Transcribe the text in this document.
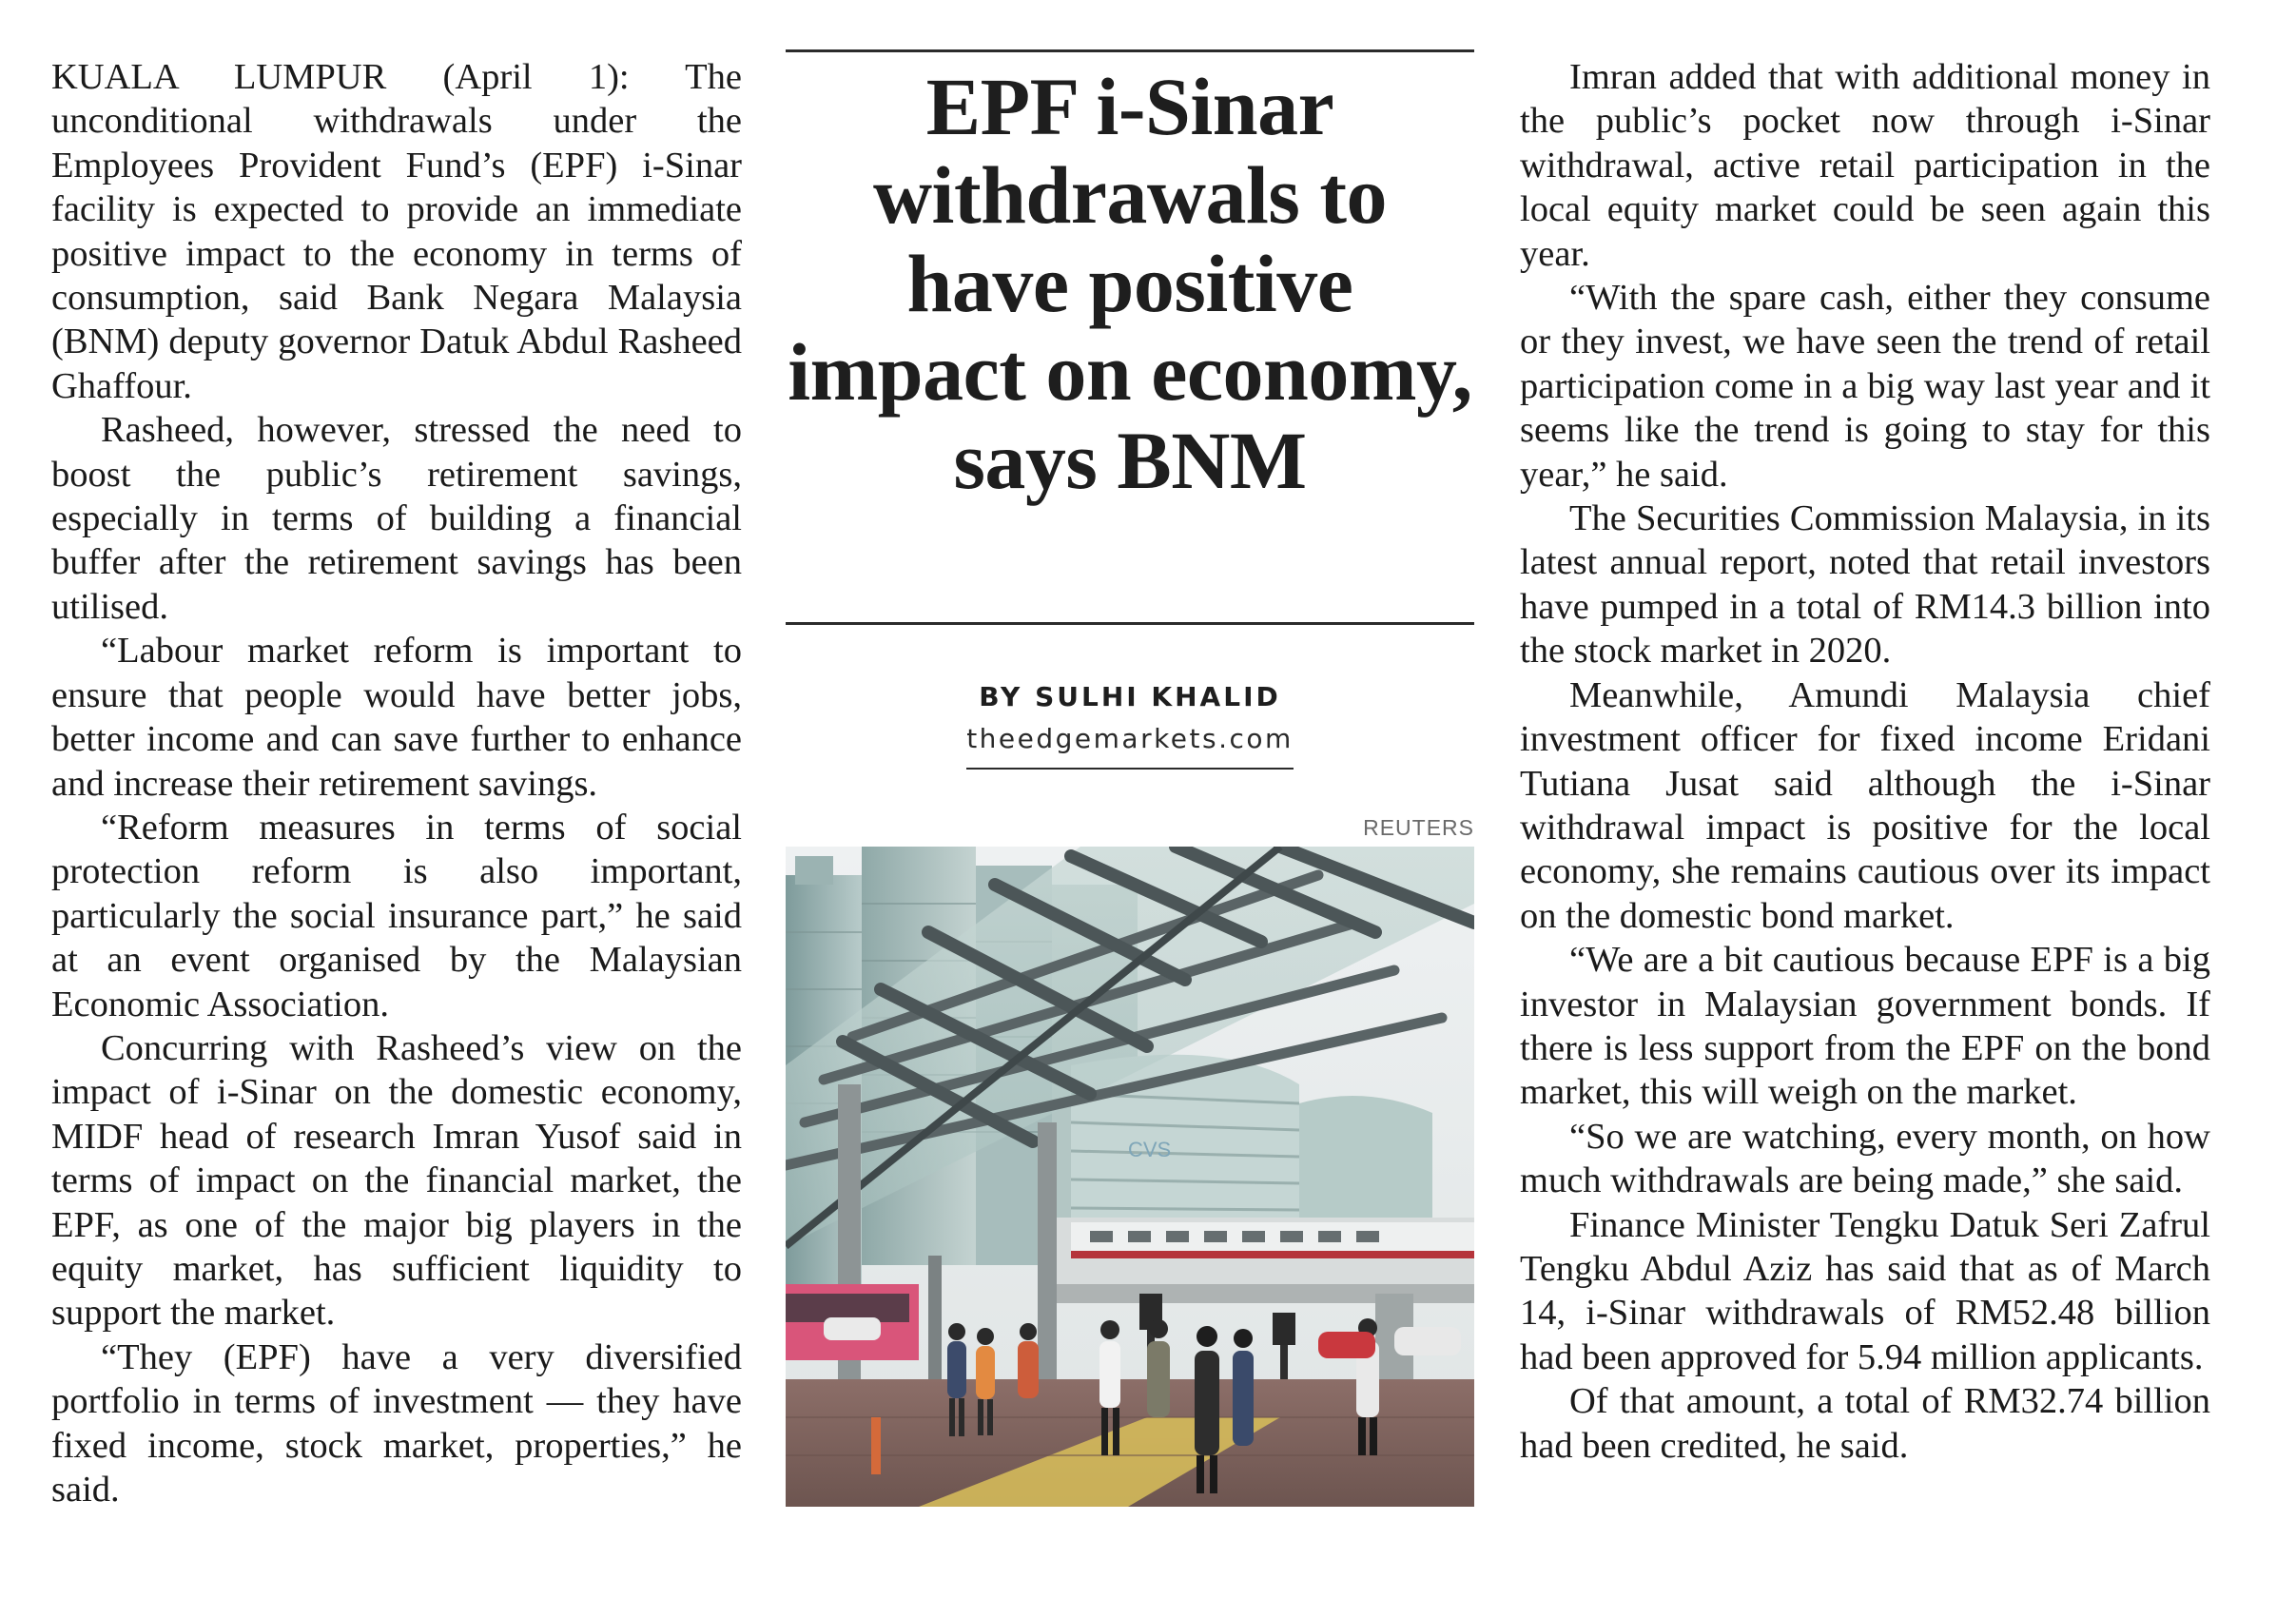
KUALA LUMPUR (April 1): The unconditional withdrawals under the Employees Provident Fund’s (EPF) i-Sinar facility is expected to provide an immediate positive impact to the economy in terms of consumption, said Bank Negara Malaysia (BNM) deputy governor Datuk Abdul Rasheed Ghaffour.

Rasheed, however, stressed the need to boost the public’s retirement savings, especially in terms of building a financial buffer after the retirement savings has been utilised.

“Labour market reform is important to ensure that people would have better jobs, better income and can save further to enhance and increase their retirement savings.

“Reform measures in terms of social protection reform is also important, particularly the social insurance part,” he said at an event organised by the Malaysian Economic Association.

Concurring with Rasheed’s view on the impact of i-Sinar on the domestic economy, MIDF head of research Imran Yusof said in terms of impact on the financial market, the EPF, as one of the major big players in the equity market, has sufficient liquidity to support the market.

“They (EPF) have a very diversified portfolio in terms of investment — they have fixed income, stock market, properties,” he said.

EPF i-Sinar withdrawals to have positive impact on economy, says BNM
BY SULHI KHALID
theedgemarkets.com
REUTERS
CVS

Imran added that with additional money in the public’s pocket now through i-Sinar withdrawal, active retail participation in the local equity market could be seen again this year.

“With the spare cash, either they consume or they invest, we have seen the trend of retail participation come in a big way last year and it seems like the trend is going to stay for this year,” he said.

The Securities Commission Malaysia, in its latest annual report, noted that retail investors have pumped in a total of RM14.3 billion into the stock market in 2020.

Meanwhile, Amundi Malaysia chief investment officer for fixed income Eridani Tutiana Jusat said although the i-Sinar withdrawal impact is positive for the local economy, she remains cautious over its impact on the domestic bond market.

“We are a bit cautious because EPF is a big investor in Malaysian government bonds. If there is less support from the EPF on the bond market, this will weigh on the market.

“So we are watching, every month, on how much withdrawals are being made,” she said.

Finance Minister Tengku Datuk Seri Zafrul Tengku Abdul Aziz has said that as of March 14, i-Sinar withdrawals of RM52.48 billion had been approved for 5.94 million applicants.

Of that amount, a total of RM32.74 billion had been credited, he said.
